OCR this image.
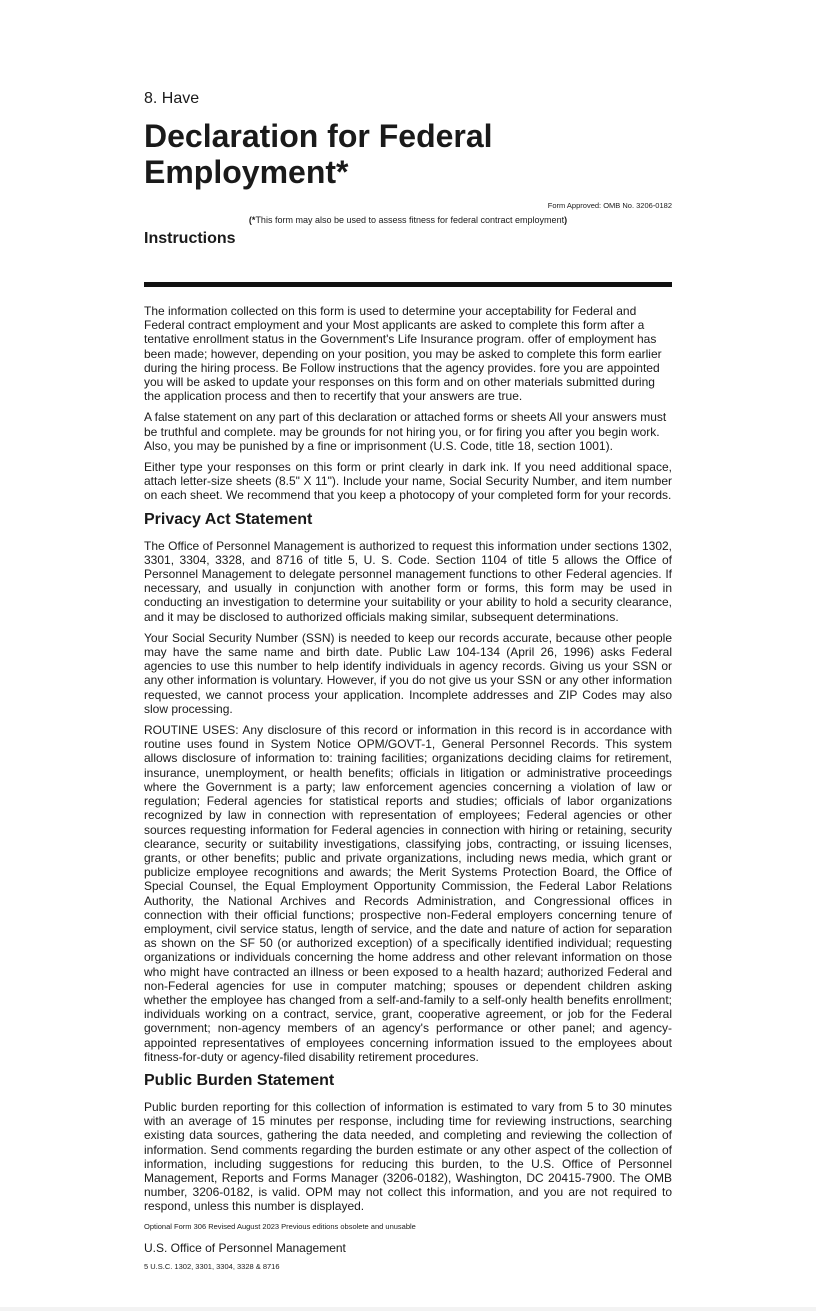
8. Have
Declaration for Federal Employment*
Form Approved: OMB No. 3206-0182
(*This form may also be used to assess fitness for federal contract employment)
Instructions

The information collected on this form is used to determine your acceptability for Federal and Federal contract employment and your Most applicants are asked to complete this form after a tentative enrollment status in the Government's Life Insurance program. offer of employment has been made; however, depending on your position, you may be asked to complete this form earlier during the hiring process. Be Follow instructions that the agency provides. fore you are appointed you will be asked to update your responses on this form and on other materials submitted during the application process and then to recertify that your answers are true.

A false statement on any part of this declaration or attached forms or sheets All your answers must be truthful and complete. may be grounds for not hiring you, or for firing you after you begin work. Also, you may be punished by a fine or imprisonment (U.S. Code, title 18, section 1001).

Either type your responses on this form or print clearly in dark ink. If you need additional space, attach letter-size sheets (8.5" X 11"). Include your name, Social Security Number, and item number on each sheet. We recommend that you keep a photocopy of your completed form for your records.

Privacy Act Statement

The Office of Personnel Management is authorized to request this information under sections 1302, 3301, 3304, 3328, and 8716 of title 5, U. S. Code. Section 1104 of title 5 allows the Office of Personnel Management to delegate personnel management functions to other Federal agencies. If necessary, and usually in conjunction with another form or forms, this form may be used in conducting an investigation to determine your suitability or your ability to hold a security clearance, and it may be disclosed to authorized officials making similar, subsequent determinations.

Your Social Security Number (SSN) is needed to keep our records accurate, because other people may have the same name and birth date. Public Law 104-134 (April 26, 1996) asks Federal agencies to use this number to help identify individuals in agency records. Giving us your SSN or any other information is voluntary. However, if you do not give us your SSN or any other information requested, we cannot process your application. Incomplete addresses and ZIP Codes may also slow processing.

ROUTINE USES: Any disclosure of this record or information in this record is in accordance with routine uses found in System Notice OPM/GOVT-1, General Personnel Records. This system allows disclosure of information to: training facilities; organizations deciding claims for retirement, insurance, unemployment, or health benefits; officials in litigation or administrative proceedings where the Government is a party; law enforcement agencies concerning a violation of law or regulation; Federal agencies for statistical reports and studies; officials of labor organizations recognized by law in connection with representation of employees; Federal agencies or other sources requesting information for Federal agencies in connection with hiring or retaining, security clearance, security or suitability investigations, classifying jobs, contracting, or issuing licenses, grants, or other benefits; public and private organizations, including news media, which grant or publicize employee recognitions and awards; the Merit Systems Protection Board, the Office of Special Counsel, the Equal Employment Opportunity Commission, the Federal Labor Relations Authority, the National Archives and Records Administration, and Congressional offices in connection with their official functions; prospective non-Federal employers concerning tenure of employment, civil service status, length of service, and the date and nature of action for separation as shown on the SF 50 (or authorized exception) of a specifically identified individual; requesting organizations or individuals concerning the home address and other relevant information on those who might have contracted an illness or been exposed to a health hazard; authorized Federal and non-Federal agencies for use in computer matching; spouses or dependent children asking whether the employee has changed from a self-and-family to a self-only health benefits enrollment; individuals working on a contract, service, grant, cooperative agreement, or job for the Federal government; non-agency members of an agency's performance or other panel; and agency-appointed representatives of employees concerning information issued to the employees about fitness-for-duty or agency-filed disability retirement procedures.

Public Burden Statement

Public burden reporting for this collection of information is estimated to vary from 5 to 30 minutes with an average of 15 minutes per response, including time for reviewing instructions, searching existing data sources, gathering the data needed, and completing and reviewing the collection of information. Send comments regarding the burden estimate or any other aspect of the collection of information, including suggestions for reducing this burden, to the U.S. Office of Personnel Management, Reports and Forms Manager (3206-0182), Washington, DC 20415-7900. The OMB number, 3206-0182, is valid. OPM may not collect this information, and you are not required to respond, unless this number is displayed.

Optional Form 306 Revised August 2023 Previous editions obsolete and unusable
U.S. Office of Personnel Management
5 U.S.C. 1302, 3301, 3304, 3328 & 8716
